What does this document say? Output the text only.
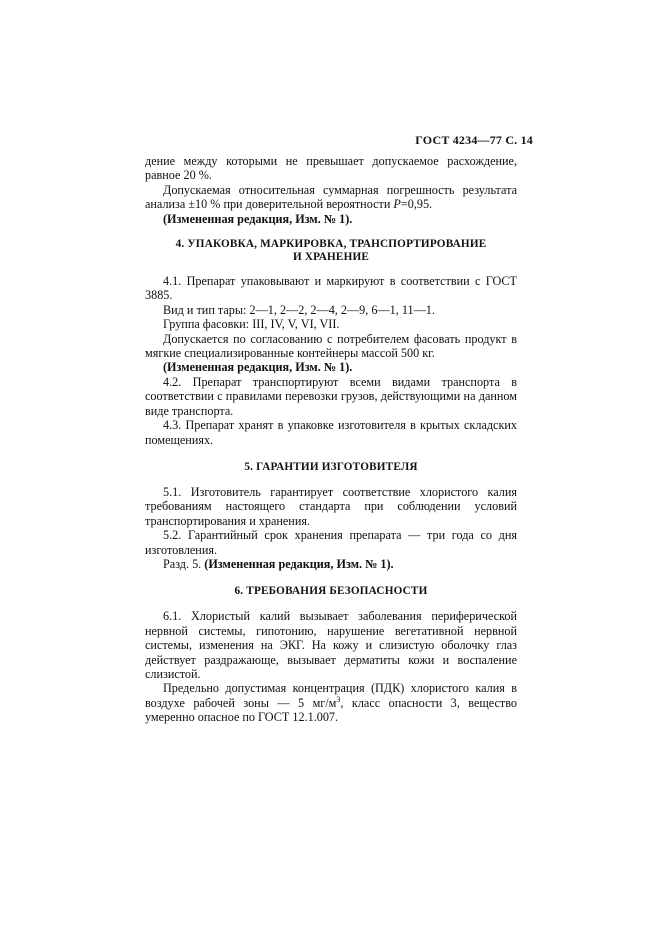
ГОСТ 4234—77 С. 14

дение между которыми не превышает допускаемое расхождение, равное 20 %.

Допускаемая относительная суммарная погрешность результата анализа ±10 % при доверительной вероятности P=0,95.

(Измененная редакция, Изм. № 1).

4. УПАКОВКА, МАРКИРОВКА, ТРАНСПОРТИРОВАНИЕ
И ХРАНЕНИЕ

4.1. Препарат упаковывают и маркируют в соответствии с ГОСТ 3885.

Вид и тип тары: 2—1, 2—2, 2—4, 2—9, 6—1, 11—1.

Группа фасовки: III, IV, V, VI, VII.

Допускается по согласованию с потребителем фасовать продукт в мягкие специализированные контейнеры массой 500 кг.

(Измененная редакция, Изм. № 1).

4.2. Препарат транспортируют всеми видами транспорта в соответствии с правилами перевозки грузов, действующими на данном виде транспорта.

4.3. Препарат хранят в упаковке изготовителя в крытых складских помещениях.

5. ГАРАНТИИ ИЗГОТОВИТЕЛЯ

5.1. Изготовитель гарантирует соответствие хлористого калия требованиям настоящего стандарта при соблюдении условий транспортирования и хранения.

5.2. Гарантийный срок хранения препарата — три года со дня изготовления.

Разд. 5. (Измененная редакция, Изм. № 1).

6. ТРЕБОВАНИЯ БЕЗОПАСНОСТИ

6.1. Хлористый калий вызывает заболевания периферической нервной системы, гипотонию, нарушение вегетативной нервной системы, изменения на ЭКГ. На кожу и слизистую оболочку глаз действует раздражающе, вызывает дерматиты кожи и воспаление слизистой.

Предельно допустимая концентрация (ПДК) хлористого калия в воздухе рабочей зоны — 5 $мг/м^3$, класс опасности 3, вещество умеренно опасное по ГОСТ 12.1.007.
